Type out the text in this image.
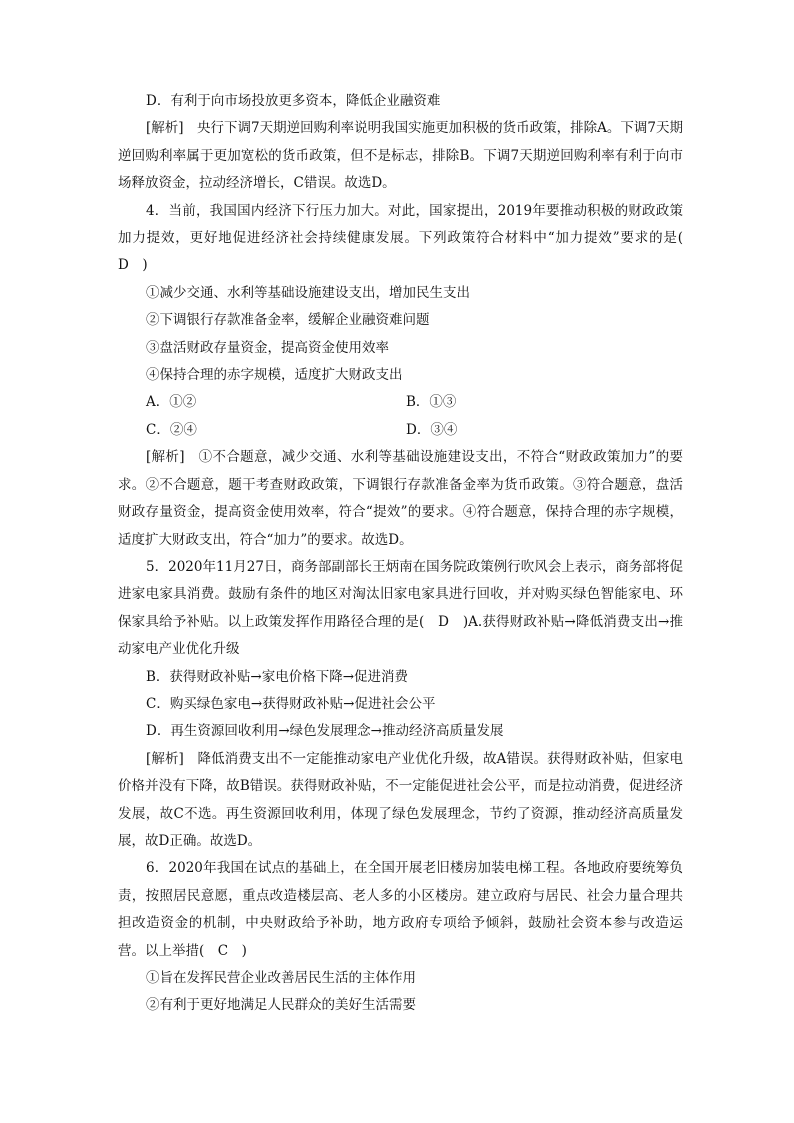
D．有利于向市场投放更多资本，降低企业融资难

[解析]　央行下调7天期逆回购利率说明我国实施更加积极的货币政策，排除A。下调7天期逆回购利率属于更加宽松的货币政策，但不是标志，排除B。下调7天期逆回购利率有利于向市场释放资金，拉动经济增长，C错误。故选D。

4．当前，我国国内经济下行压力加大。对此，国家提出，2019年要推动积极的财政政策加力提效，更好地促进经济社会持续健康发展。下列政策符合材料中“加力提效”要求的是(　D　)

①减少交通、水利等基础设施建设支出，增加民生支出

②下调银行存款准备金率，缓解企业融资难问题

③盘活财政存量资金，提高资金使用效率

④保持合理的赤字规模，适度扩大财政支出

A．①②	B．①③
C．②④	D．③④

[解析]　①不合题意，减少交通、水利等基础设施建设支出，不符合“财政政策加力”的要求。②不合题意，题干考查财政政策，下调银行存款准备金率为货币政策。③符合题意，盘活财政存量资金，提高资金使用效率，符合“提效”的要求。④符合题意，保持合理的赤字规模，适度扩大财政支出，符合“加力”的要求。故选D。

5．2020年11月27日，商务部副部长王炳南在国务院政策例行吹风会上表示，商务部将促进家电家具消费。鼓励有条件的地区对淘汰旧家电家具进行回收，并对购买绿色智能家电、环保家具给予补贴。以上政策发挥作用路径合理的是(　D　)A.获得财政补贴→降低消费支出→推动家电产业优化升级

B．获得财政补贴→家电价格下降→促进消费

C．购买绿色家电→获得财政补贴→促进社会公平

D．再生资源回收利用→绿色发展理念→推动经济高质量发展

[解析]　降低消费支出不一定能推动家电产业优化升级，故A错误。获得财政补贴，但家电价格并没有下降，故B错误。获得财政补贴，不一定能促进社会公平，而是拉动消费，促进经济发展，故C不选。再生资源回收利用，体现了绿色发展理念，节约了资源，推动经济高质量发展，故D正确。故选D。

6．2020年我国在试点的基础上，在全国开展老旧楼房加装电梯工程。各地政府要统筹负责，按照居民意愿，重点改造楼层高、老人多的小区楼房。建立政府与居民、社会力量合理共担改造资金的机制，中央财政给予补助，地方政府专项给予倾斜，鼓励社会资本参与改造运营。以上举措(　C　)

①旨在发挥民营企业改善居民生活的主体作用

②有利于更好地满足人民群众的美好生活需要
